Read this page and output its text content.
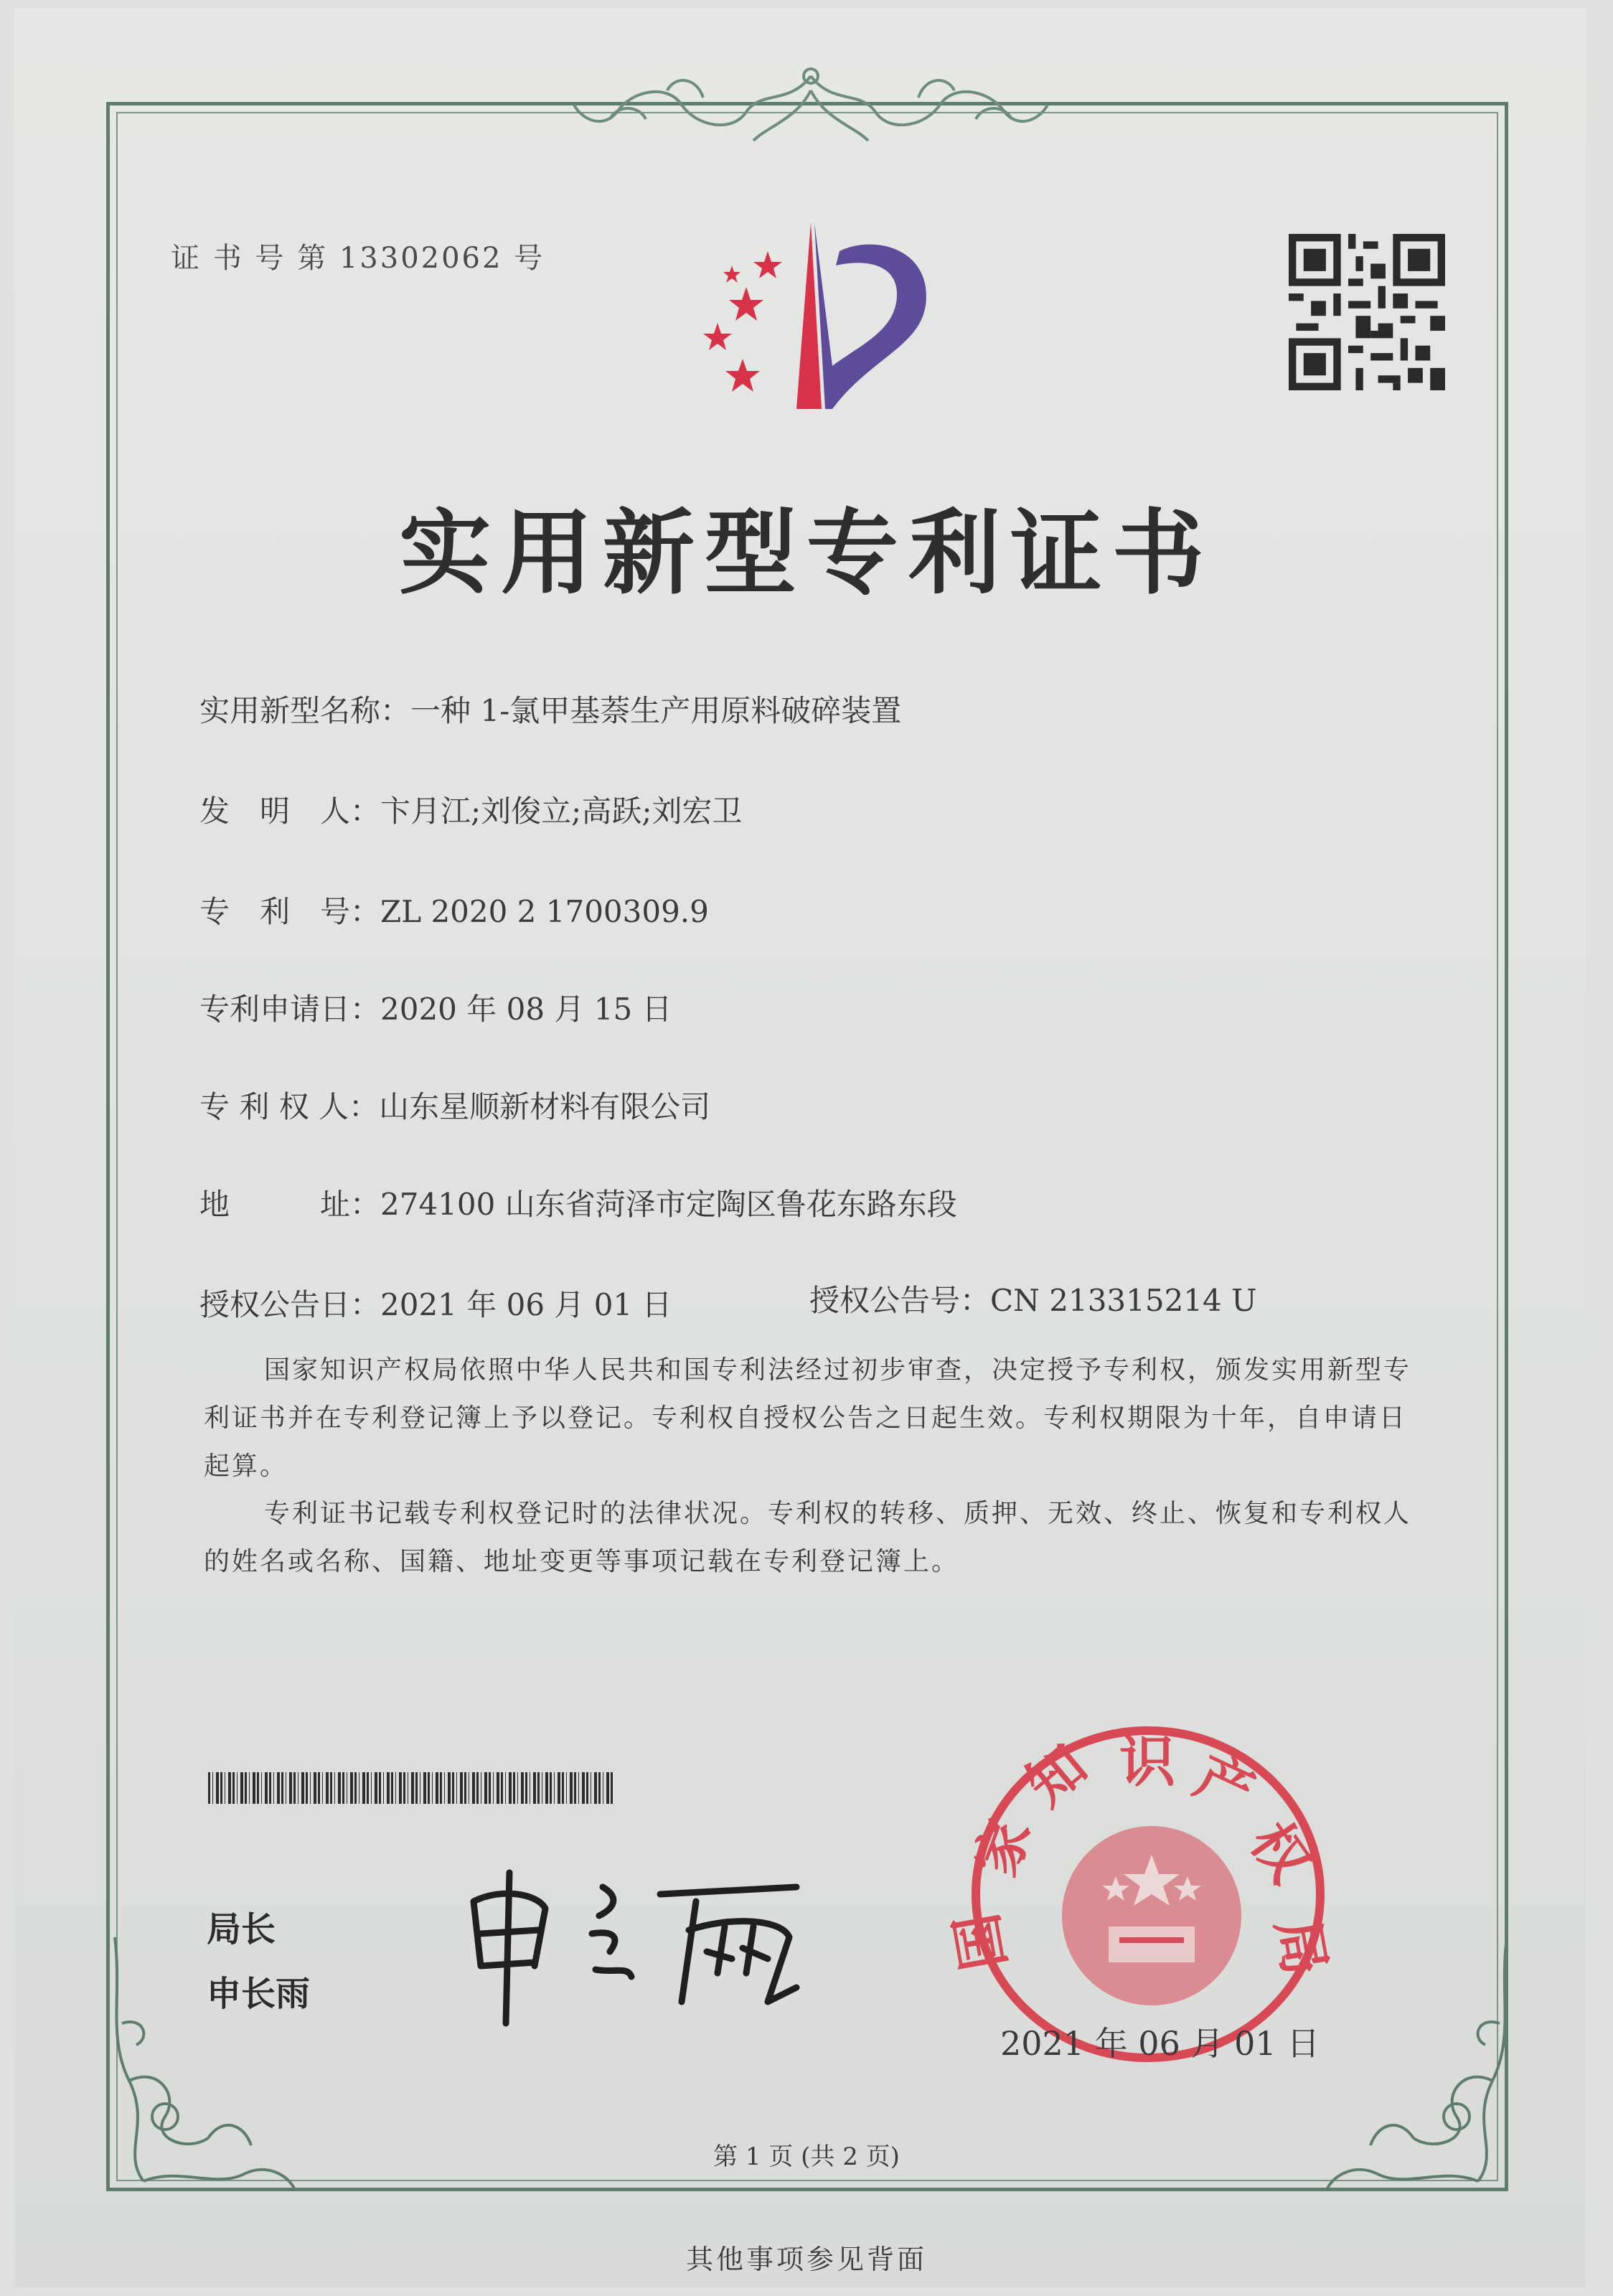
证 书 号 第 13302062 号
实用新型专利证书
实用新型名称：一种 1-氯甲基萘生产用原料破碎装置
发　明　人：卞月江;刘俊立;高跃;刘宏卫
专　利　号：ZL 2020 2 1700309.9
专利申请日：2020 年 08 月 15 日
专 利 权 人：山东星顺新材料有限公司
地　　　址：274100 山东省菏泽市定陶区鲁花东路东段
授权公告日：2021 年 06 月 01 日	授权公告号：CN 213315214 U

国家知识产权局依照中华人民共和国专利法经过初步审查，决定授予专利权，颁发实用新型专利证书并在专利登记簿上予以登记。专利权自授权公告之日起生效。专利权期限为十年，自申请日起算。

专利证书记载专利权登记时的法律状况。专利权的转移、质押、无效、终止、恢复和专利权人的姓名或名称、国籍、地址变更等事项记载在专利登记簿上。

局长
申长雨
家
知 识 产
权
局
国
2021 年 06 月 01 日
第 1 页 (共 2 页)
其他事项参见背面
